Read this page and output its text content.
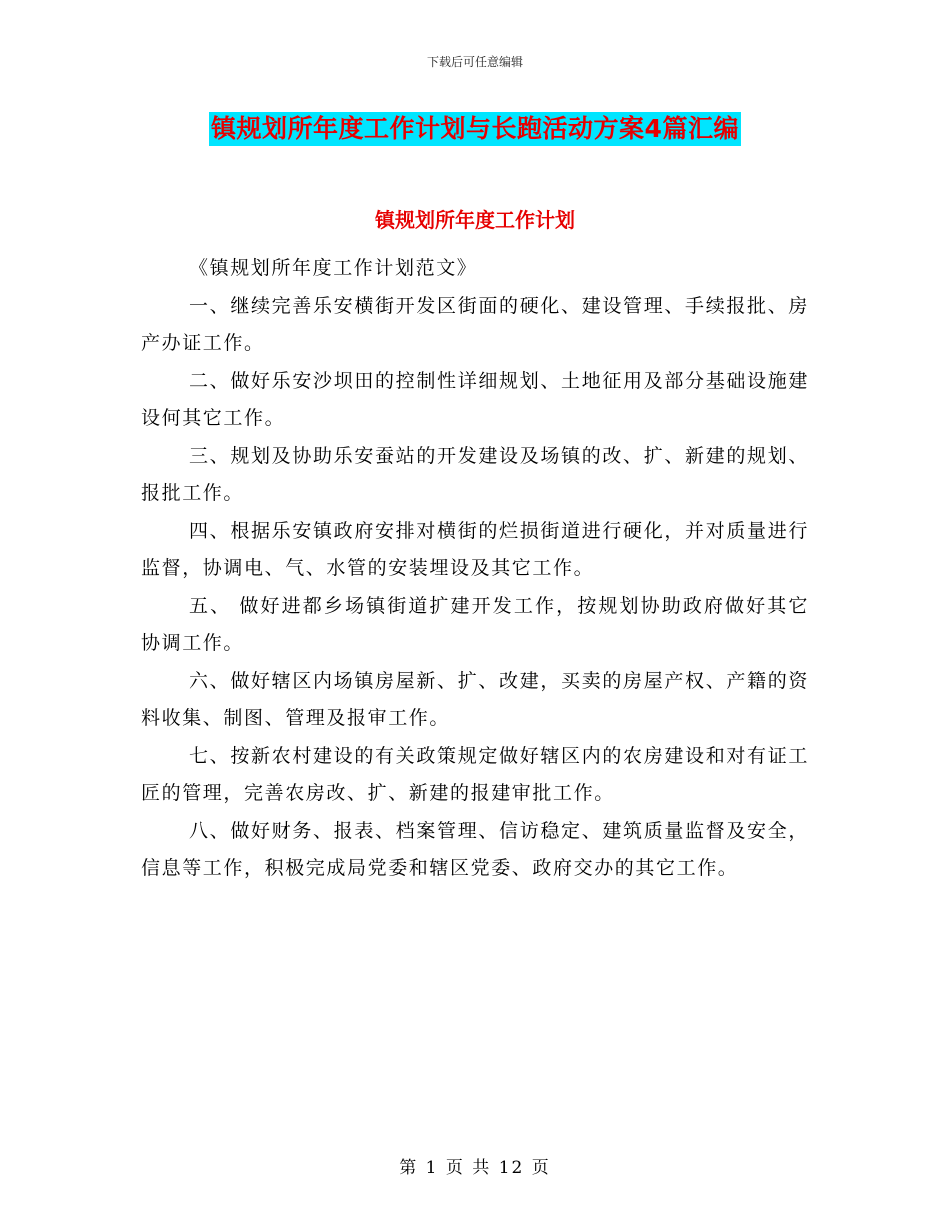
下载后可任意编辑
镇规划所年度工作计划与长跑活动方案4篇汇编
镇规划所年度工作计划

《镇规划所年度工作计划范文》

一、继续完善乐安横街开发区街面的硬化、建设管理、手续报批、房产办证工作。

二、做好乐安沙坝田的控制性详细规划、土地征用及部分基础设施建设何其它工作。

三、规划及协助乐安蚕站的开发建设及场镇的改、扩、新建的规划、报批工作。

四、根据乐安镇政府安排对横街的烂损街道进行硬化，并对质量进行监督，协调电、气、水管的安装埋设及其它工作。

五、 做好进都乡场镇街道扩建开发工作，按规划协助政府做好其它协调工作。

六、做好辖区内场镇房屋新、扩、改建，买卖的房屋产权、产籍的资料收集、制图、管理及报审工作。

七、按新农村建设的有关政策规定做好辖区内的农房建设和对有证工匠的管理，完善农房改、扩、新建的报建审批工作。

八、做好财务、报表、档案管理、信访稳定、建筑质量监督及安全，信息等工作，积极完成局党委和辖区党委、政府交办的其它工作。

第 1 页 共 12 页
